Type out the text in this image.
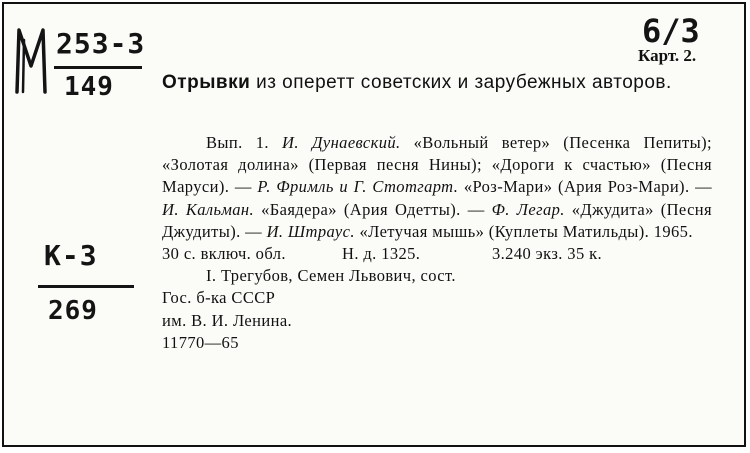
253-3
149
К-3
269
6/3
Карт. 2.
Отрывки из оперетт советских и зарубежных авторов.

Вып. 1. И. Дунаевский. «Вольный ветер» (Песенка Пепиты); «Золотая долина» (Первая песня Нины); «Дороги к счастью» (Песня Маруси). — Р. Фримль и Г. Стотгарт. «Роз-Мари» (Ария Роз-Мари). — И. Кальман. «Баядера» (Ария Одетты). — Ф. Легар. «Джудита» (Песня Джудиты). — И. Штраус. «Летучая мышь» (Куплеты Матильды). 1965.

30 с. включ. обл.	Н. д. 1325.	3.240 экз. 35 к.

I. Трегубов, Семен Львович, сост.

Гос. б-ка СССР

им. В. И. Ленина.

11770—65
